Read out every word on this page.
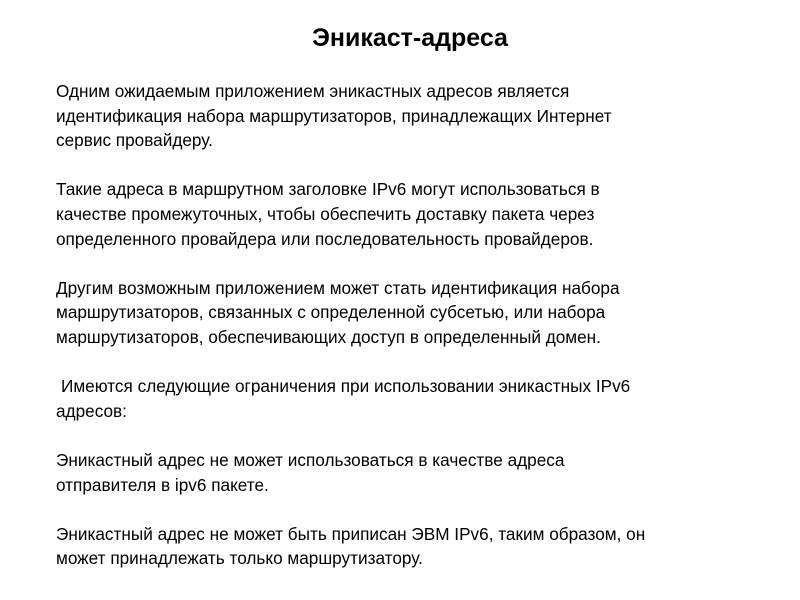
Эникаст-адреса

Одним ожидаемым приложением эникастных адресов является
идентификация набора маршрутизаторов, принадлежащих Интернет
сервис провайдеру.

Такие адреса в маршрутном заголовке IPv6 могут использоваться в
качестве промежуточных, чтобы обеспечить доставку пакета через
определенного провайдера или последовательность провайдеров.

Другим возможным приложением может стать идентификация набора
маршрутизаторов, связанных с определенной субсетью, или набора
маршрутизаторов, обеспечивающих доступ в определенный домен.

Имеются следующие ограничения при использовании эникастных IPv6
адресов:

Эникастный адрес не может использоваться в качестве адреса
отправителя в ipv6 пакете.

Эникастный адрес не может быть приписан ЭВМ IPv6, таким образом, он
может принадлежать только маршрутизатору.
